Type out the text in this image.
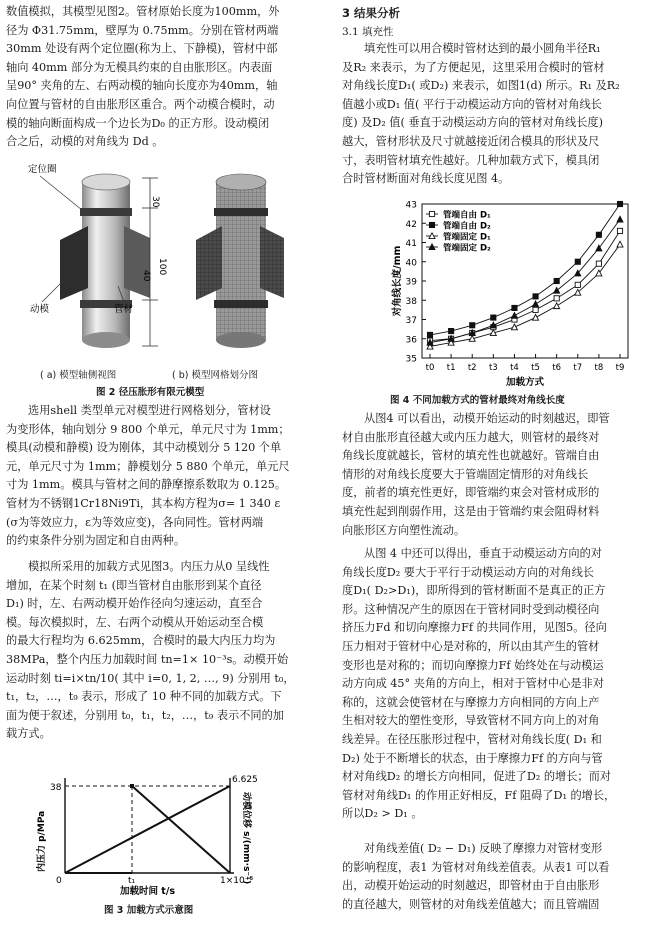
数值模拟，其模型见图2。管材原始长度为100mm，外
径为 Φ31.75mm，壁厚为 0.75mm。分别在管材两端
30mm 处设有两个定位圈(称为上、下静模)，管材中部
轴向 40mm 部分为无模具约束的自由胀形区。内表面
呈90° 夹角的左、右两动模的轴向长度亦为40mm，轴
向位置与管材的自由胀形区重合。两个动模合模时，动
模的轴向断面构成一个边长为D₀ 的正方形。设动模闭
合之后，动模的对角线为 Dd 。
30
100
40
定位圈
动模	管材
( a) 模型轴侧视图	( b) 模型网格划分图
图 2 径压胀形有限元模型
选用shell 类型单元对模型进行网格划分，管材设
为变形体，轴向划分 9 800 个单元，单元尺寸为 1mm；
模具(动模和静模) 设为刚体，其中动模划分 5 120 个单
元，单元尺寸为 1mm；静模划分 5 880 个单元，单元尺
寸为 1mm。模具与管材之间的静摩擦系数取为 0.125。
管材为不锈钢1Cr18Ni9Ti，其本构方程为σ= 1 340 ε
(σ为等效应力，ε为等效应变)，各向同性。管材两端
的约束条件分别为固定和自由两种。
模拟所采用的加载方式见图3。内压力从0 呈线性
增加，在某个时刻 t₁ (即当管材自由胀形到某个直径
D₁) 时，左、右两动模开始作径向匀速运动，直至合
模。每次模拟时，左、右两个动模从开始运动至合模
的最大行程均为 6.625mm，合模时的最大内压力均为
38MPa，整个内压力加载时间 tn=1× 10⁻³s。动模开始
运动时刻 ti=i×tn/10( 其中 i=0, 1, 2, …, 9) 分别用 t₀，
t₁，t₂，…，t₉ 表示，形成了 10 种不同的加载方式。下
面为便于叙述，分别用 t₀，t₁，t₂，…，t₉ 表示不同的加
载方式。
38
6.625
0	t₁	1×10⁻³
加载时间 t/s
内压力 p/MPa	动模位移 s/(mm·s⁻¹)
图 3 加载方式示意图
3 结果分析
3.1 填充性
填充性可以用合模时管材达到的最小圆角半径R₁
及R₂ 来表示，为了方便起见，这里采用合模时的管材
对角线长度D₁( 或D₂) 来表示，如图1(d) 所示。R₁ 及R₂
值越小或D₁ 值( 平行于动模运动方向的管材对角线长
度) 及D₂ 值( 垂直于动模运动方向的管材对角线长度)
越大，管材形状及尺寸就越接近闭合模具的形状及尺
寸，表明管材填充性越好。几种加载方式下，模具闭
合时管材断面对角线长度见图 4。
35
36
37
38
39
40
41
42
43
t0 t1 t2 t3 t4 t5 t6 t7 t8 t9
加载方式
对角线长度/mm
管端自由 D₁
管端自由 D₂
管端固定 D₁
管端固定 D₂
图 4 不同加载方式的管材最终对角线长度
从图4 可以看出，动模开始运动的时刻越迟，即管
材自由胀形直径越大或内压力越大，则管材的最终对
角线长度就越长，管材的填充性也就越好。管端自由
情形的对角线长度要大于管端固定情形的对角线长
度，前者的填充性更好，即管端约束会对管材成形的
填充性起到削弱作用，这是由于管端约束会阻碍材料
向胀形区方向塑性流动。
从图 4 中还可以得出，垂直于动模运动方向的对
角线长度D₂ 要大于平行于动模运动方向的对角线长
度D₁( D₂>D₁)，即所得到的管材断面不是真正的正方
形。这种情况产生的原因在于管材同时受到动模径向
挤压力Fd 和切向摩擦力Ff 的共同作用，见图5。径向
压力相对于管材中心是对称的，所以由其产生的管材
变形也是对称的；而切向摩擦力Ff 始终处在与动模运
动方向成 45° 夹角的方向上，相对于管材中心是非对
称的，这就会使管材在与摩擦力方向相同的方向上产
生相对较大的塑性变形，导致管材不同方向上的对角
线差异。在径压胀形过程中，管材对角线长度( D₁ 和
D₂) 处于不断增长的状态，由于摩擦力Ff 的方向与管
材对角线D₂ 的增长方向相同，促进了D₂ 的增长；而对
管材对角线D₁ 的作用正好相反，Ff 阻碍了D₁ 的增长，
所以D₂ > D₁ 。
对角线差值( D₂ − D₁) 反映了摩擦力对管材变形
的影响程度，表1 为管材对角线差值表。从表1 可以看
出，动模开始运动的时刻越迟，即管材由于自由胀形
的直径越大，则管材的对角线差值越大；而且管端固
